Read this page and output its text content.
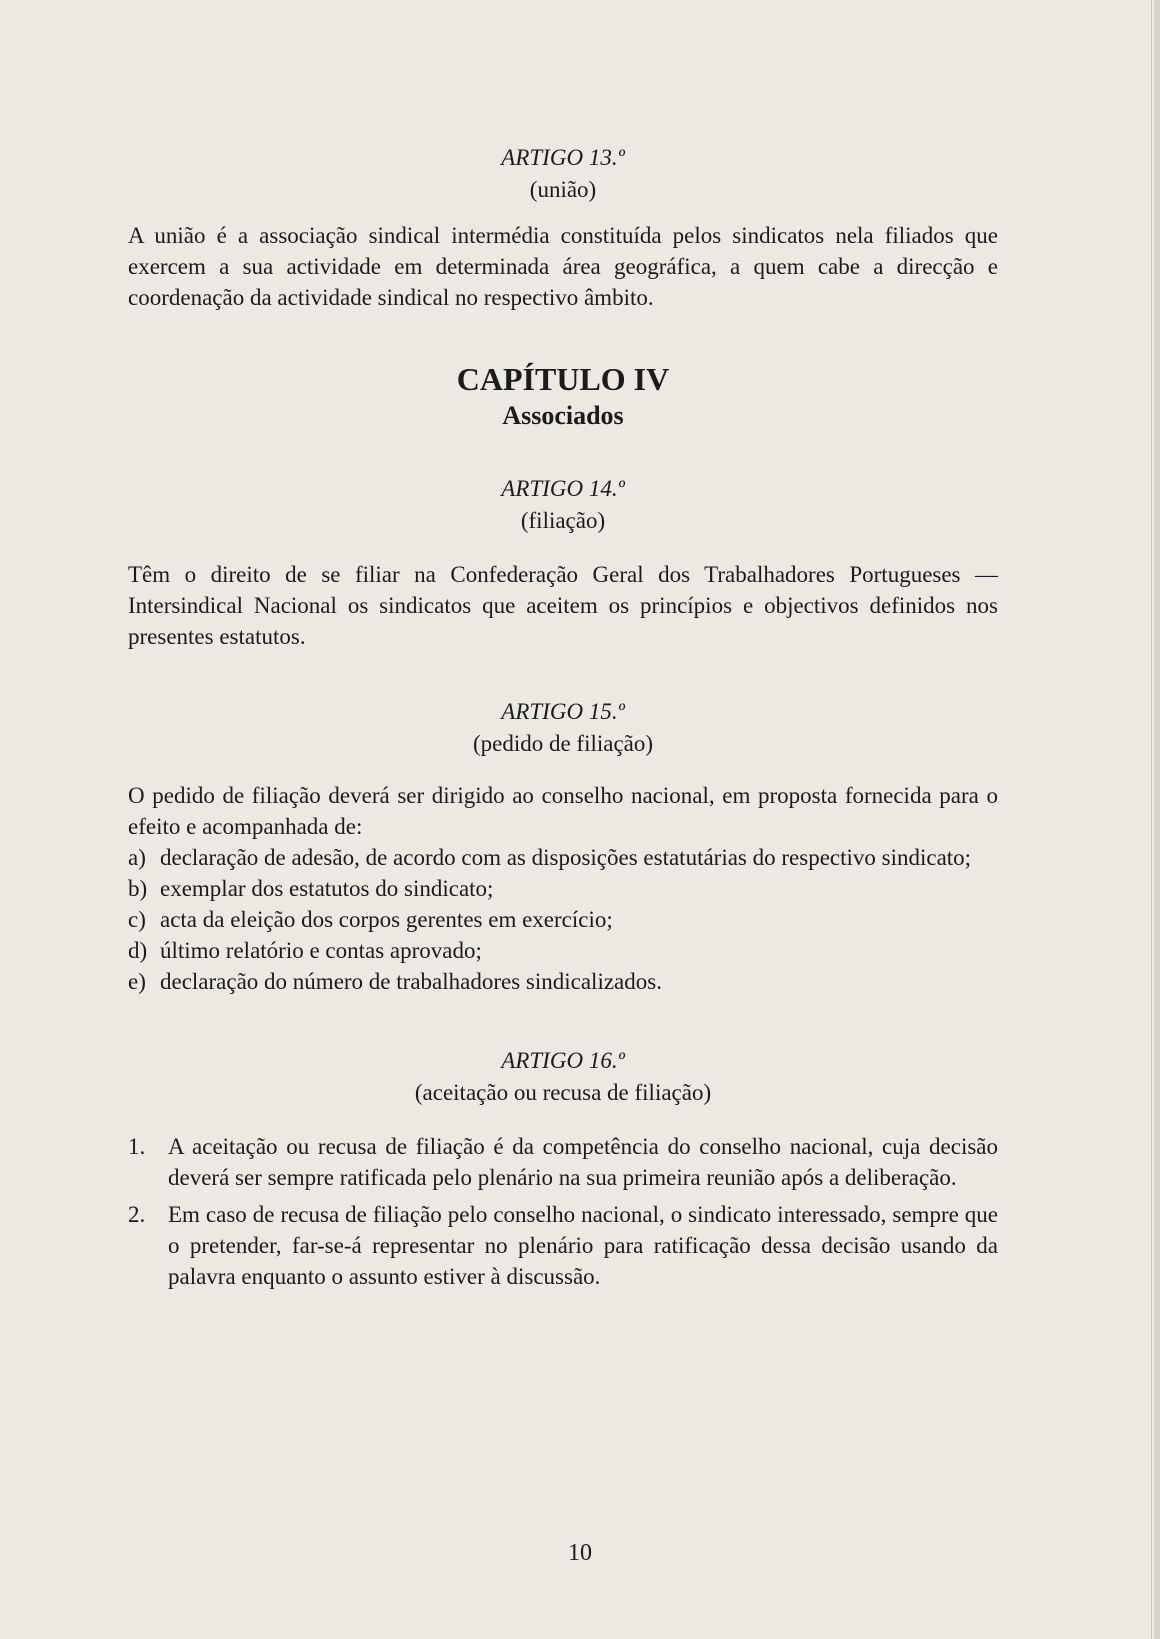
ARTIGO 13.º
(união)

A união é a associação sindical intermédia constituída pelos sindicatos nela filiados que exercem a sua actividade em determinada área geográfica, a quem cabe a direcção e coordenação da actividade sindical no respectivo âmbito.

CAPÍTULO IV
Associados
ARTIGO 14.º
(filiação)

Têm o direito de se filiar na Confederação Geral dos Trabalhadores Portugueses — Intersindical Nacional os sindicatos que aceitem os princípios e objectivos definidos nos presentes estatutos.

ARTIGO 15.º
(pedido de filiação)

O pedido de filiação deverá ser dirigido ao conselho nacional, em proposta fornecida para o efeito e acompanhada de:

a) declaração de adesão, de acordo com as disposições estatutárias do respectivo sindicato;
b) exemplar dos estatutos do sindicato;
c) acta da eleição dos corpos gerentes em exercício;
d) último relatório e contas aprovado;
e) declaração do número de trabalhadores sindicalizados.
ARTIGO 16.º
(aceitação ou recusa de filiação)
1. A aceitação ou recusa de filiação é da competência do conselho nacional, cuja decisão deverá ser sempre ratificada pelo plenário na sua primeira reunião após a deliberação.
2. Em caso de recusa de filiação pelo conselho nacional, o sindicato interessado, sempre que o pretender, far-se-á representar no plenário para ratificação dessa decisão usando da palavra enquanto o assunto estiver à discussão.
10
